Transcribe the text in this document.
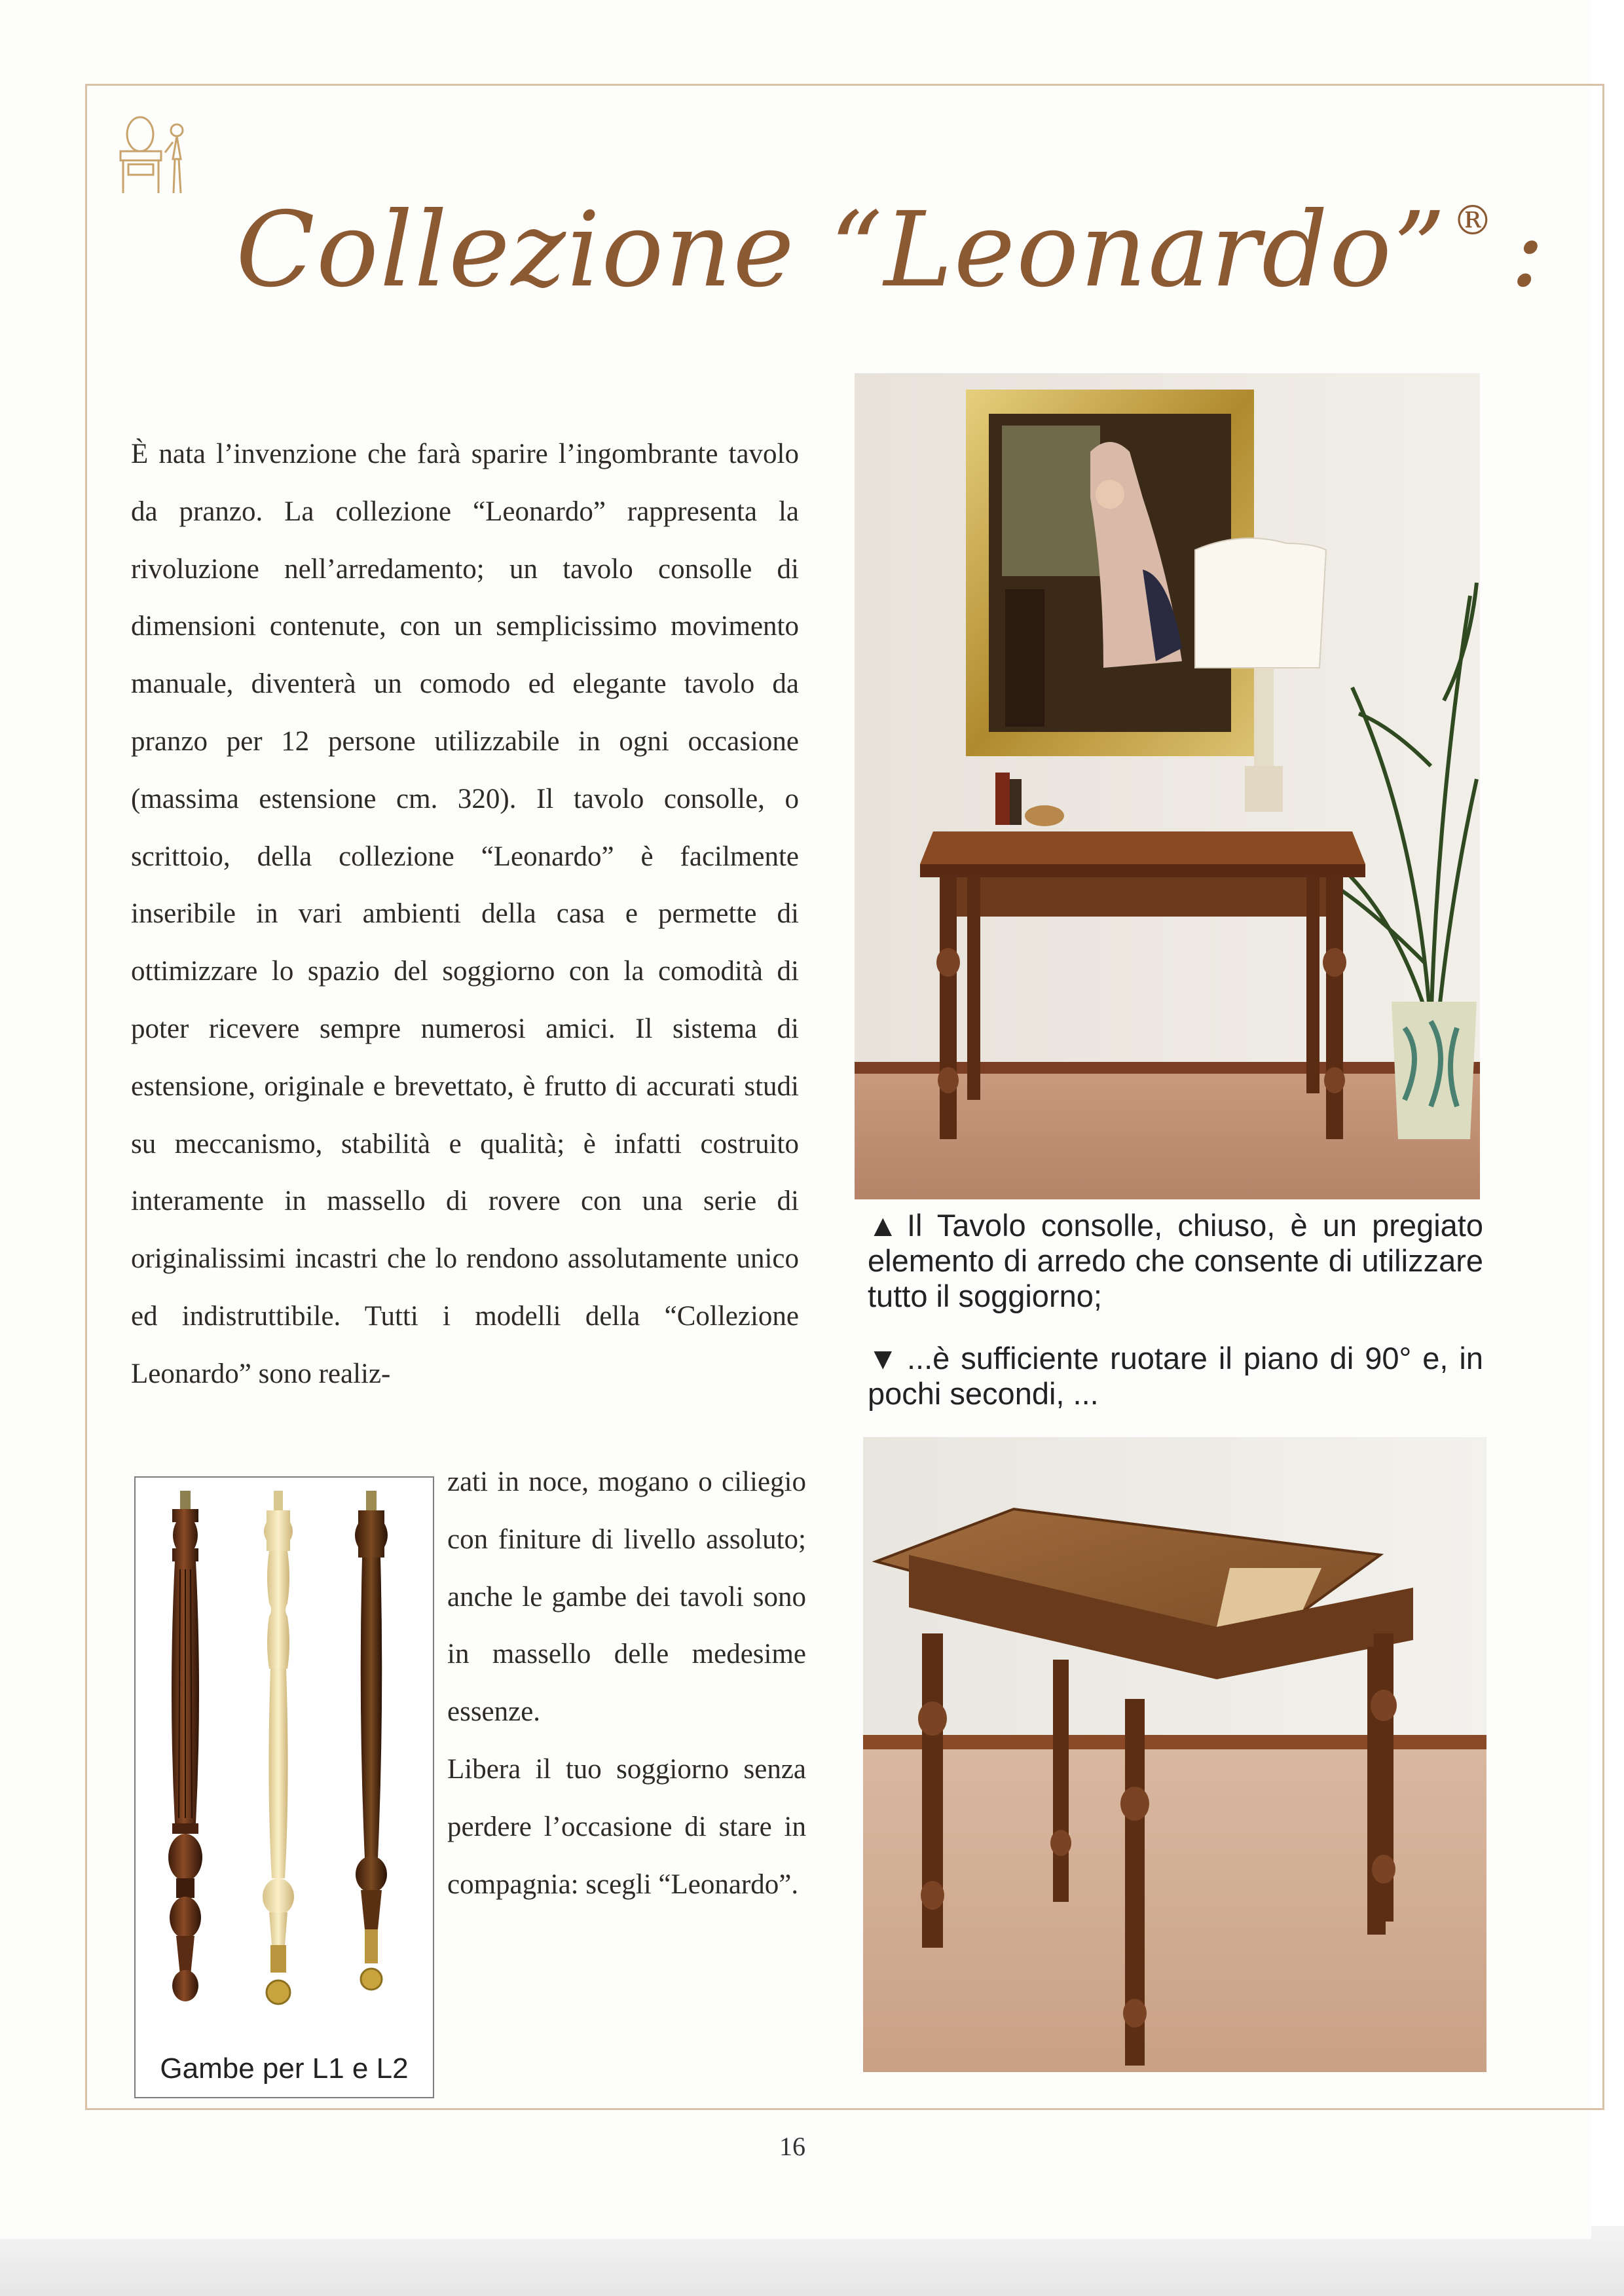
Collezione “Leonardo” ® :

È nata l’invenzione che farà sparire l’ingombrante tavolo da pranzo. La collezione “Leonardo” rappresenta la rivoluzione nell’arredamento; un tavolo consolle di dimensioni contenute, con un semplicissimo movimento manuale, diventerà un comodo ed elegante tavolo da pranzo per 12 persone utilizzabile in ogni occasione (massima estensione cm. 320). Il tavolo consolle, o scrittoio, della collezione “Leonardo” è facilmente inseribile in vari ambienti della casa e permette di ottimizzare lo spazio del soggiorno con la comodità di poter ricevere sempre numerosi amici. Il sistema di estensione, originale e brevettato, è frutto di accurati studi su meccanismo, stabilità e qualità; è infatti costruito interamente in massello di rovere con una serie di originalissimi incastri che lo rendono assolutamente unico ed indistruttibile. Tutti i modelli della “Collezione Leonardo” sono realiz-

zati in noce, mogano o ciliegio con finiture di livello assoluto; anche le gambe dei tavoli sono in massello delle medesime essenze.

Libera il tuo soggiorno senza perdere l’occasione di stare in compagnia: scegli “Leonardo”.

Gambe per L1 e L2
▲ Il Tavolo consolle, chiuso, è un pregiato elemento di arredo che consente di utilizzare tutto il soggiorno;
▼ ...è sufficiente ruotare il piano di 90° e, in pochi secondi, ...
16
